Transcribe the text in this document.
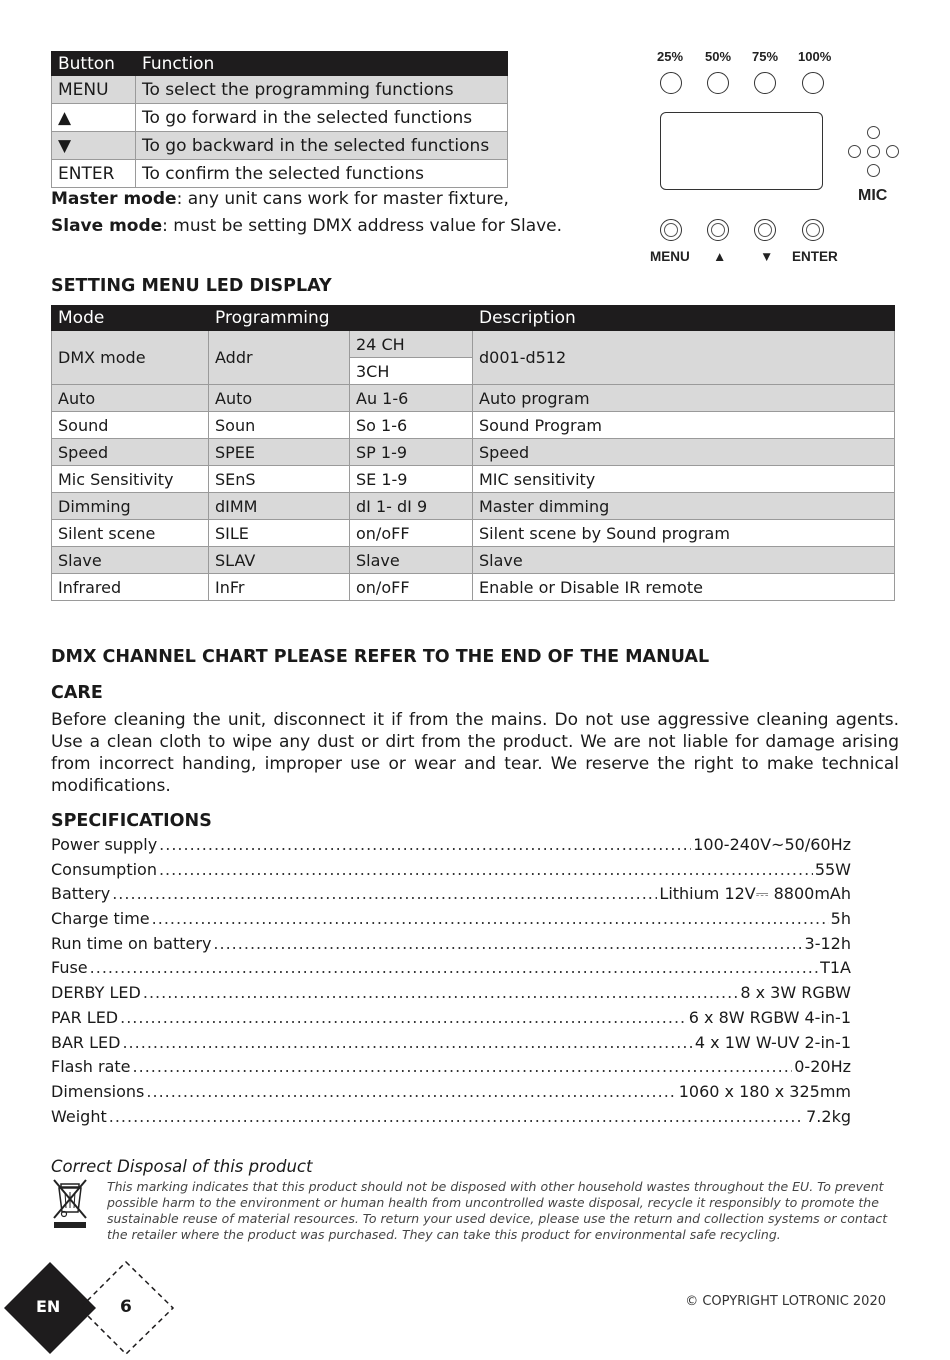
Button	Function
MENU	To select the programming functions
▲	To go forward in the selected functions
▼	To go backward in the selected functions
ENTER	To confirm the selected functions
Master mode: any unit cans work for master fixture,
Slave mode: must be setting DMX address value for Slave.
25% 50% 75% 100%
MIC
MENU ▲ ▼ ENTER
SETTING MENU LED DISPLAY
Mode	Programming		Description
DMX mode	Addr	24 CH	d001-d512
		3CH	
Auto	Auto	Au 1-6	Auto program
Sound	Soun	So 1-6	Sound Program
Speed	SPEE	SP 1-9	Speed
Mic Sensitivity	SEnS	SE 1-9	MIC sensitivity
Dimming	dIMM	dI 1- dI 9	Master dimming
Silent scene	SILE	on/oFF	Silent scene by Sound program
Slave	SLAV	Slave	Slave
Infrared	InFr	on/oFF	Enable or Disable IR remote
DMX CHANNEL CHART PLEASE REFER TO THE END OF THE MANUAL
CARE

Before cleaning the unit, disconnect it if from the mains. Do not use aggressive cleaning agents. Use a clean cloth to wipe any dust or dirt from the product. We are not liable for damage arising from incorrect handing, improper use or wear and tear. We reserve the right to make technical modifications.

SPECIFICATIONS
Power supply .....	100-240V~50/60Hz
Consumption .....	55W
Battery .....	Lithium 12V⎓ 8800mAh
Charge time .....	5h
Run time on battery .....	3-12h
Fuse .....	T1A
DERBY LED .....	8 x 3W RGBW
PAR LED .....	6 x 8W RGBW 4-in-1
BAR LED .....	4 x 1W W-UV 2-in-1
Flash rate .....	0-20Hz
Dimensions .....	1060 x 180 x 325mm
Weight .....	7.2kg
Correct Disposal of this product

This marking indicates that this product should not be disposed with other household wastes throughout the EU. To prevent possible harm to the environment or human health from uncontrolled waste disposal, recycle it responsibly to promote the sustainable reuse of material resources. To return your used device, please use the return and collection systems or contact the retailer where the product was purchased. They can take this product for environmental safe recycling.

EN	6	© COPYRIGHT LOTRONIC 2020
